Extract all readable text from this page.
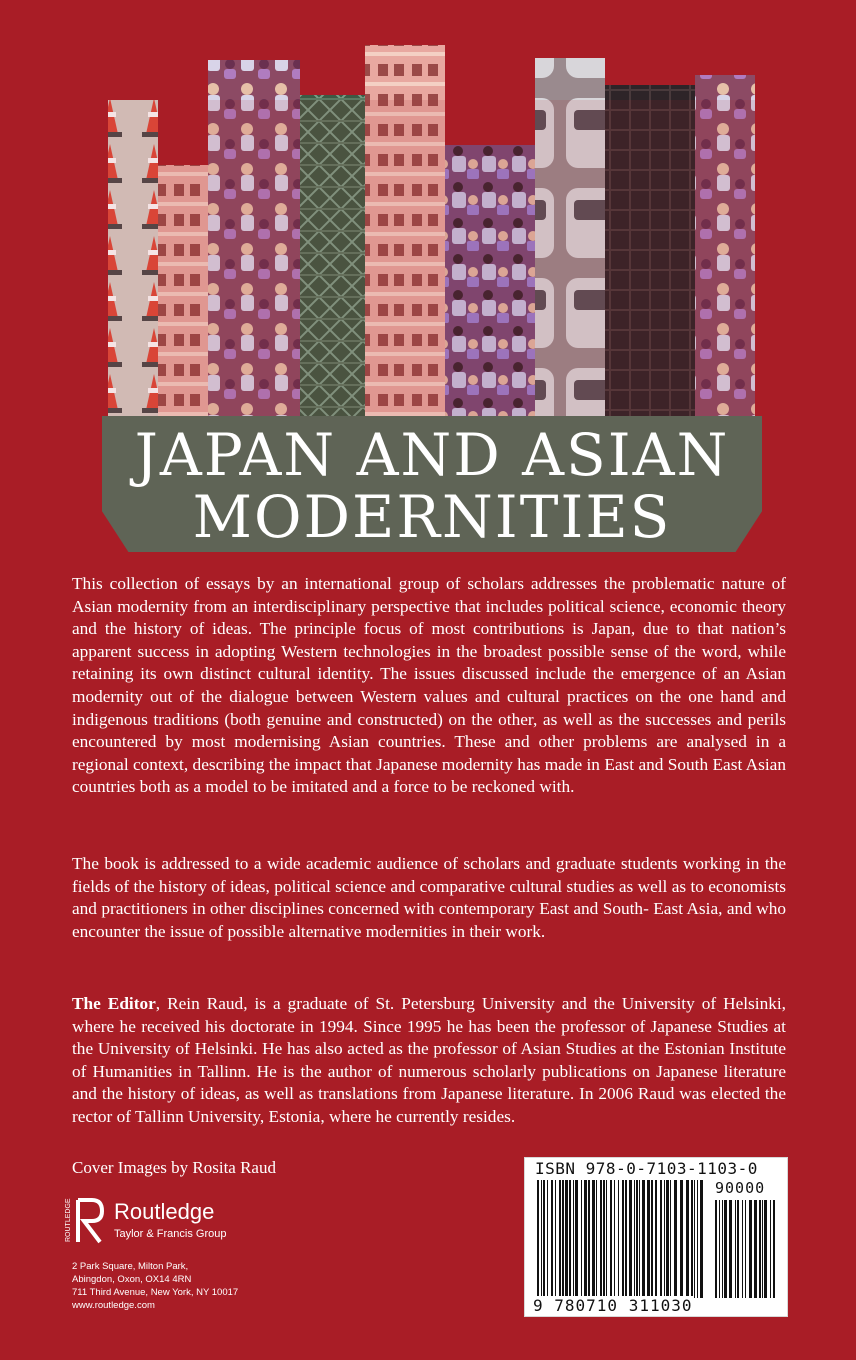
JAPAN AND ASIAN
MODERNITIES

This collection of essays by an international group of scholars addresses the problematic nature of Asian modernity from an interdisciplinary perspective that includes political science, economic theory and the history of ideas. The principle focus of most contributions is Japan, due to that nation’s apparent success in adopting Western technologies in the broadest possible sense of the word, while retaining its own distinct cultural identity. The issues discussed include the emergence of an Asian modernity out of the dialogue between Western values and cultural practices on the one hand and indigenous traditions (both genuine and constructed) on the other, as well as the successes and perils encountered by most modernising Asian countries. These and other problems are analysed in a regional context, describing the impact that Japanese modernity has made in East and South East Asian countries both as a model to be imitated and a force to be reckoned with.

The book is addressed to a wide academic audience of scholars and graduate students working in the fields of the history of ideas, political science and comparative cultural studies as well as to economists and practitioners in other disciplines concerned with contemporary East and South- East Asia, and who encounter the issue of possible alternative modernities in their work.

The Editor, Rein Raud, is a graduate of St. Petersburg University and the University of Helsinki, where he received his doctorate in 1994. Since 1995 he has been the professor of Japanese Studies at the University of Helsinki. He has also acted as the professor of Asian Studies at the Estonian Institute of Humanities in Tallinn. He is the author of numerous scholarly publications on Japanese literature and the history of ideas, as well as translations from Japanese literature. In 2006 Raud was elected the rector of Tallinn University, Estonia, where he currently resides.

Cover Images by Rosita Raud
ROUTLEDGE Routledge
Taylor & Francis Group
2 Park Square, Milton Park,
Abingdon, Oxon, OX14 4RN
711 Third Avenue, New York, NY 10017
www.routledge.com
ISBN 978-0-7103-1103-0
90000
9 780710 311030
